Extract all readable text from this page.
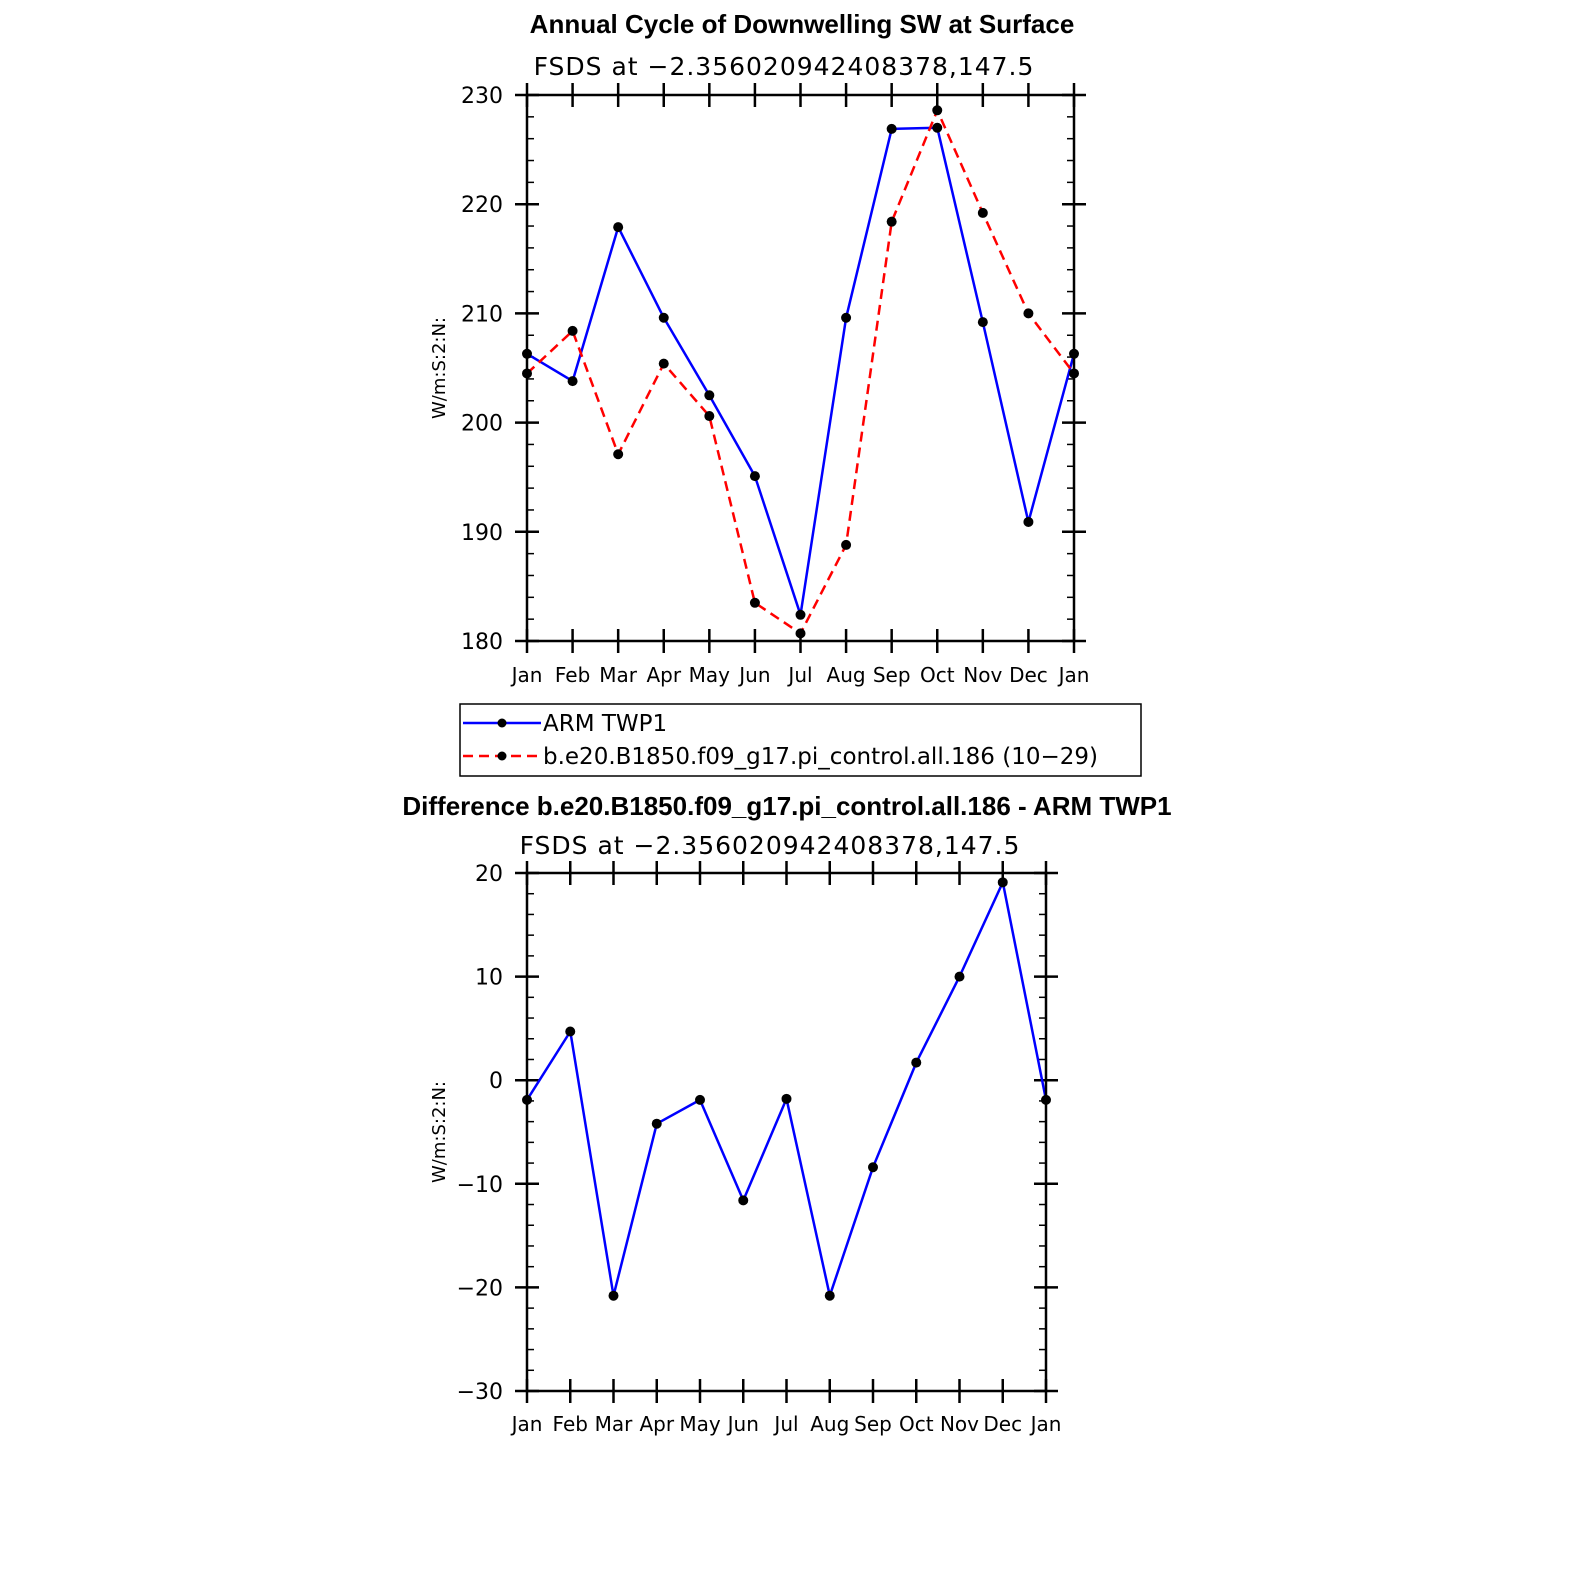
Annual Cycle of Downwelling SW at Surface
FSDS at −2.356020942408378,147.5
W/m:S:2:N:
180
190
200
210
220
230
Jan Feb Mar Apr May Jun Jul Aug Sep Oct Nov Dec Jan
ARM TWP1
b.e20.B1850.f09_g17.pi_control.all.186 (10−29)
Difference b.e20.B1850.f09_g17.pi_control.all.186 - ARM TWP1
FSDS at −2.356020942408378,147.5
W/m:S:2:N:
−30
−20
−10
0
10
20
Jan Feb Mar Apr May Jun Jul Aug Sep Oct Nov Dec Jan
